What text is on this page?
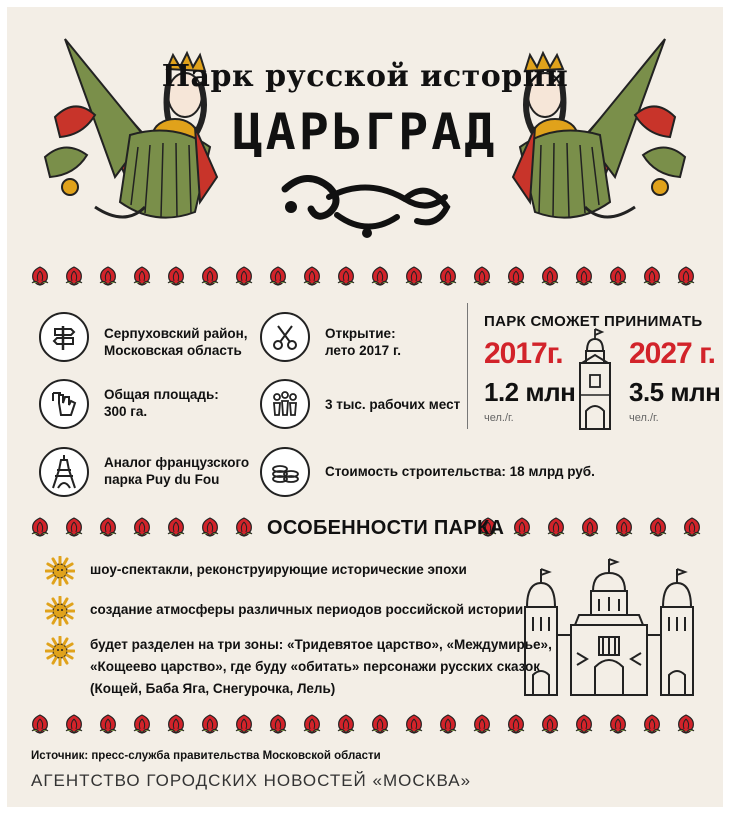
Парк русской истории
ЦАРЬГРАД
Серпуховский район,
Московская область
Общая площадь:
300 га.
Аналог французского
парка Puy du Fou
Открытие:
лето 2017 г.
3 тыс. рабочих мест
Стоимость строительства: 18 млрд руб.
ПАРК СМОЖЕТ ПРИНИМАТЬ
2017г.
1.2 млн
чел./г.
2027 г.
3.5 млн
чел./г.
ОСОБЕННОСТИ ПАРКА
шоу-спектакли, реконструирующие исторические эпохи
создание атмосферы различных периодов российской истории
будет разделен на три зоны: «Тридевятое царство», «Междумирье»,
«Кощеево царство», где буду «обитать» персонажи русских сказок
(Кощей, Баба Яга, Снегурочка, Лель)
Источник: пресс-служба правительства Московской области
АГЕНТСТВО ГОРОДСКИХ НОВОСТЕЙ «МОСКВА»
